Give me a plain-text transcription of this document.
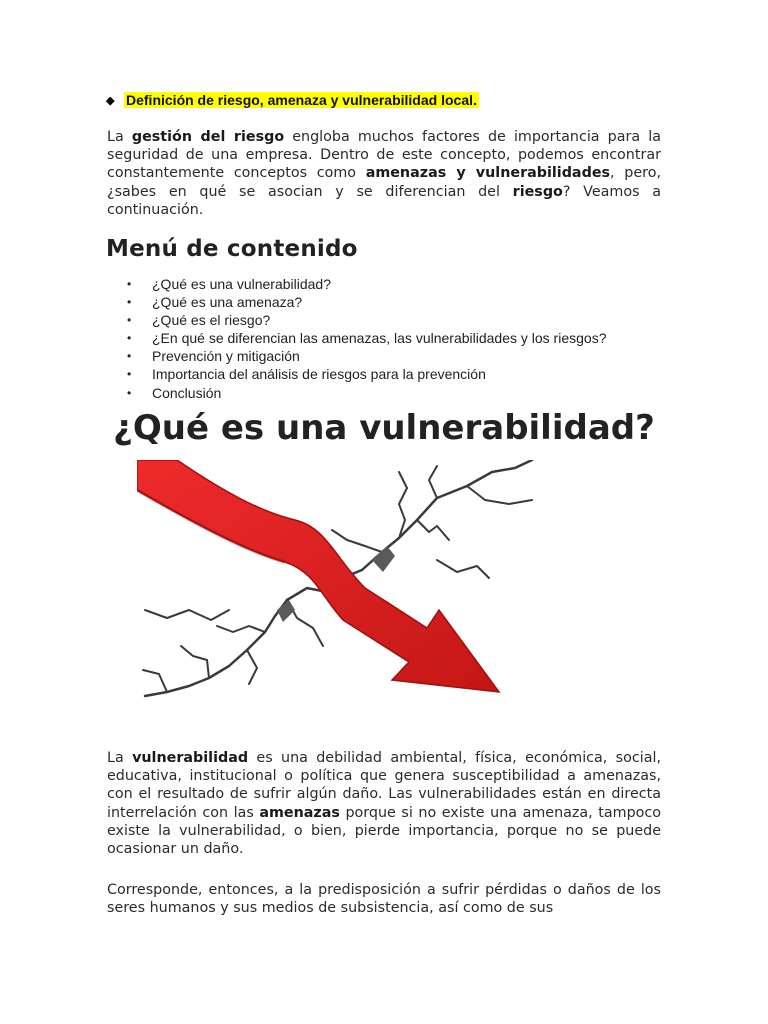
◆ Definición de riesgo, amenaza y vulnerabilidad local.

La gestión del riesgo engloba muchos factores de importancia para la seguridad de una empresa. Dentro de este concepto, podemos encontrar constantemente conceptos como amenazas y vulnerabilidades, pero, ¿sabes en qué se asocian y se diferencian del riesgo? Veamos a continuación.

Menú de contenido
• ¿Qué es una vulnerabilidad?
• ¿Qué es una amenaza?
• ¿Qué es el riesgo?
• ¿En qué se diferencian las amenazas, las vulnerabilidades y los riesgos?
• Prevención y mitigación
• Importancia del análisis de riesgos para la prevención
• Conclusión
¿Qué es una vulnerabilidad?

La vulnerabilidad es una debilidad ambiental, física, económica, social, educativa, institucional o política que genera susceptibilidad a amenazas, con el resultado de sufrir algún daño. Las vulnerabilidades están en directa interrelación con las amenazas porque si no existe una amenaza, tampoco existe la vulnerabilidad, o bien, pierde importancia, porque no se puede ocasionar un daño.

Corresponde, entonces, a la predisposición a sufrir pérdidas o daños de los seres humanos y sus medios de subsistencia, así como de sus
